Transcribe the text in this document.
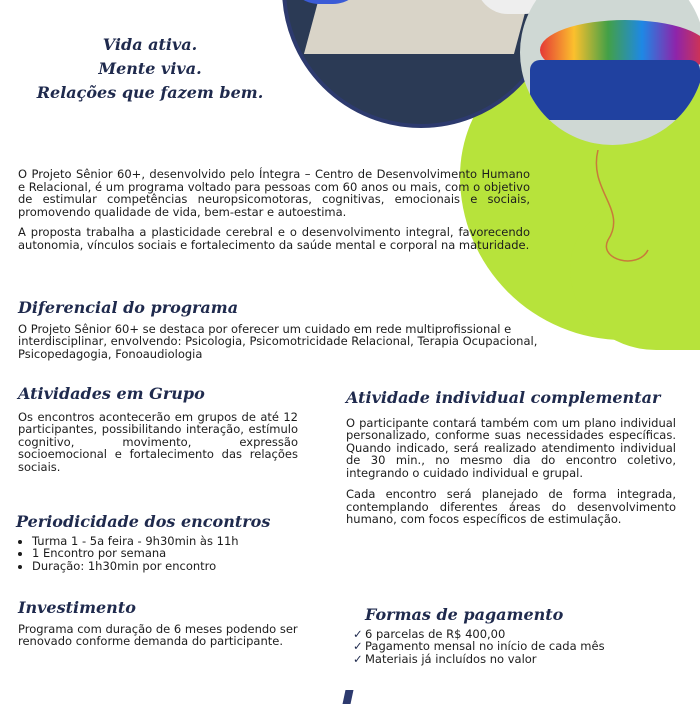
Vida ativa.
Mente viva.
Relações que fazem bem.

O Projeto Sênior 60+, desenvolvido pelo Íntegra – Centro de Desenvolvimento Humano e Relacional, é um programa voltado para pessoas com 60 anos ou mais, com o objetivo de estimular competências neuropsicomotoras, cognitivas, emocionais e sociais, promovendo qualidade de vida, bem-estar e autoestima.

A proposta trabalha a plasticidade cerebral e o desenvolvimento integral, favorecendo autonomia, vínculos sociais e fortalecimento da saúde mental e corporal na maturidade.

Diferencial do programa

O Projeto Sênior 60+ se destaca por oferecer um cuidado em rede multiprofissional e interdisciplinar, envolvendo: Psicologia, Psicomotricidade Relacional, Terapia Ocupacional, Psicopedagogia, Fonoaudiologia

Atividades em Grupo

Os encontros acontecerão em grupos de até 12 participantes, possibilitando interação, estímulo cognitivo, movimento, expressão socioemocional e fortalecimento das relações sociais.

Periodicidade dos encontros
• Turma 1 - 5a feira - 9h30min às 11h
• 1 Encontro por semana
• Duração: 1h30min por encontro
Investimento

Programa com duração de 6 meses podendo ser renovado conforme demanda do participante.

Atividade individual complementar

O participante contará também com um plano individual personalizado, conforme suas necessidades específicas. Quando indicado, será realizado atendimento individual de 30 min., no mesmo dia do encontro coletivo, integrando o cuidado individual e grupal.

Cada encontro será planejado de forma integrada, contemplando diferentes áreas do desenvolvimento humano, com focos específicos de estimulação.

Formas de pagamento
✓ 6 parcelas de R$ 400,00
✓ Pagamento mensal no início de cada mês
✓ Materiais já incluídos no valor
